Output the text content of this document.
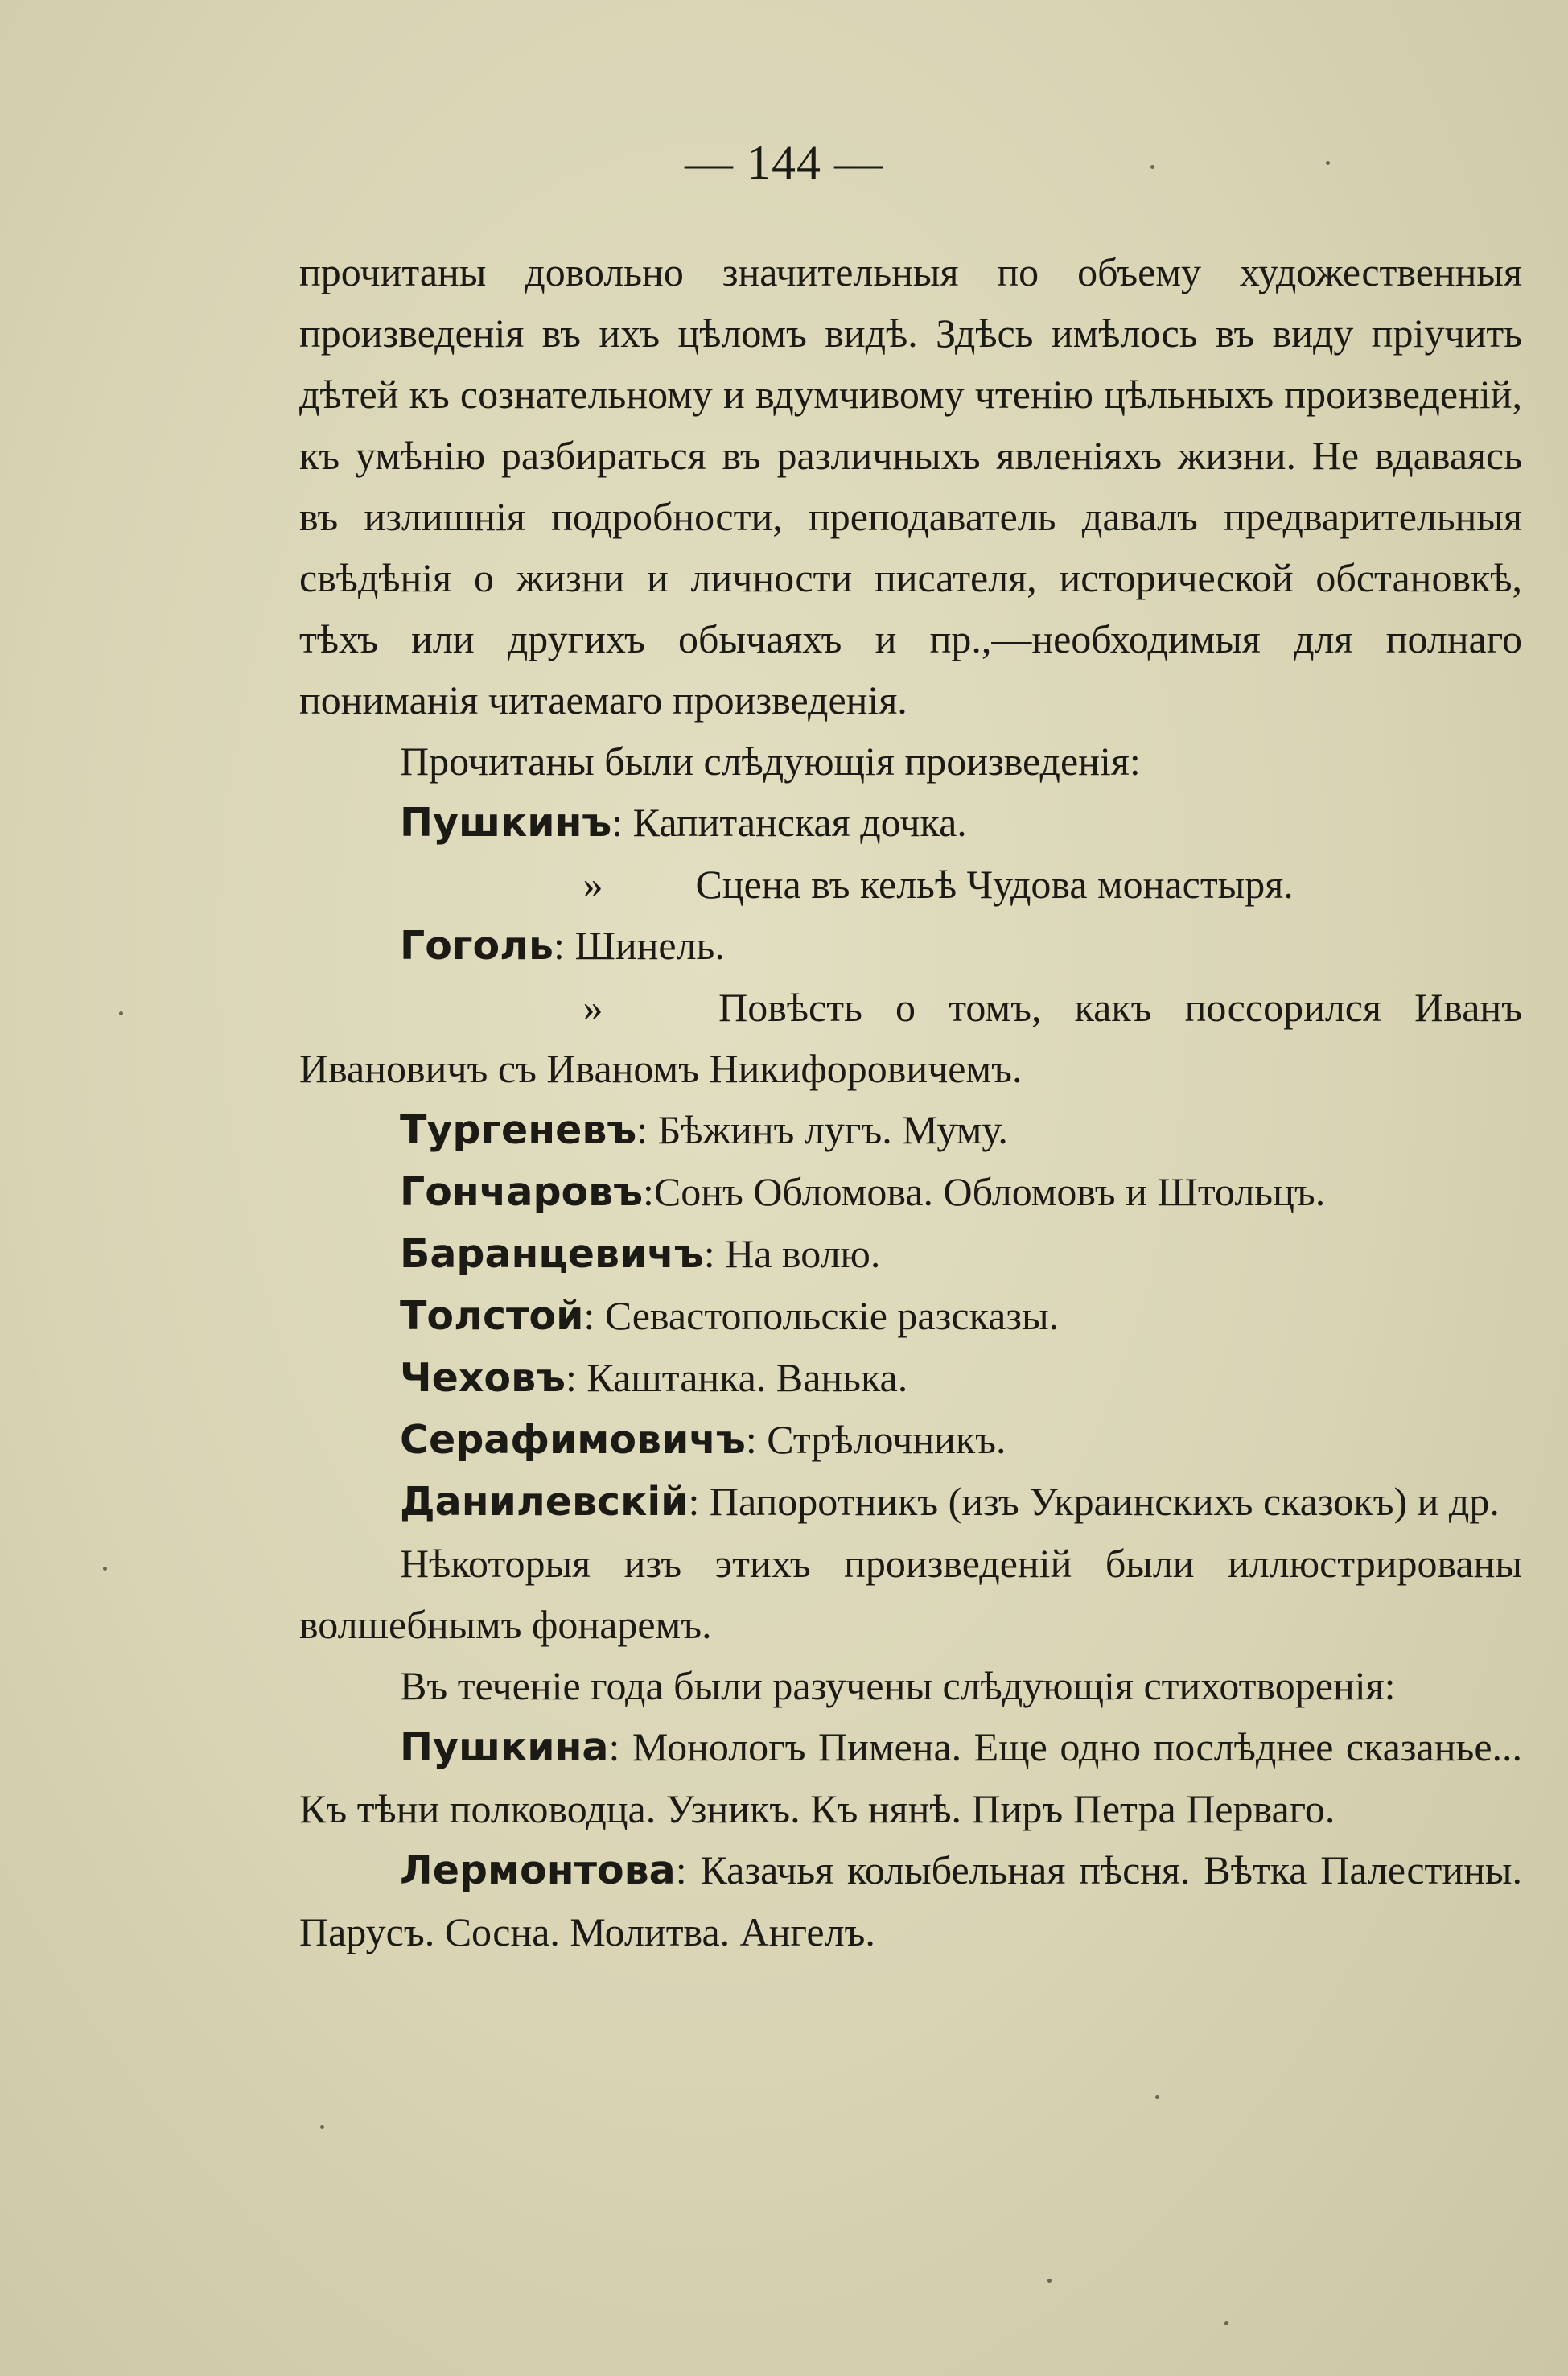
— 144 —

прочитаны довольно значительныя по объему художественныя произведенія въ ихъ цѣломъ видѣ. Здѣсь имѣлось въ виду пріучить дѣтей къ сознательному и вдумчивому чтенію цѣльныхъ произведеній, къ умѣнію разбираться въ различныхъ явленіяхъ жизни. Не вдаваясь въ излишнія подробности, преподаватель давалъ предварительныя свѣдѣнія о жизни и личности писателя, исторической обстановкѣ, тѣхъ или другихъ обычаяхъ и пр.,—необходимыя для полнаго пониманія читаемаго произведенія.

Прочитаны были слѣдующія произведенія:

Пушкинъ: Капитанская дочка.

» Сцена въ кельѣ Чудова монастыря.

Гоголь: Шинель.

»	Повѣсть о томъ, какъ поссорился Иванъ Ивановичъ съ Иваномъ Никифоровичемъ.

Тургеневъ: Бѣжинъ лугъ. Муму.

Гончаровъ:Сонъ Обломова. Обломовъ и Штольцъ.

Баранцевичъ: На волю.

Толстой: Севастопольскіе разсказы.

Чеховъ: Каштанка. Ванька.

Серафимовичъ: Стрѣлочникъ.

Данилевскій: Папоротникъ (изъ Украинскихъ сказокъ) и др.

Нѣкоторыя изъ этихъ произведеній были иллюстрированы волшебнымъ фонаремъ.

Въ теченіе года были разучены слѣдующія стихотворенія:

Пушкина: Монологъ Пимена. Еще одно послѣднее сказанье... Къ тѣни полководца. Узникъ. Къ нянѣ. Пиръ Петра Перваго.

Лермонтова: Казачья колыбельная пѣсня. Вѣтка Палестины. Парусъ. Сосна. Молитва. Ангелъ.
